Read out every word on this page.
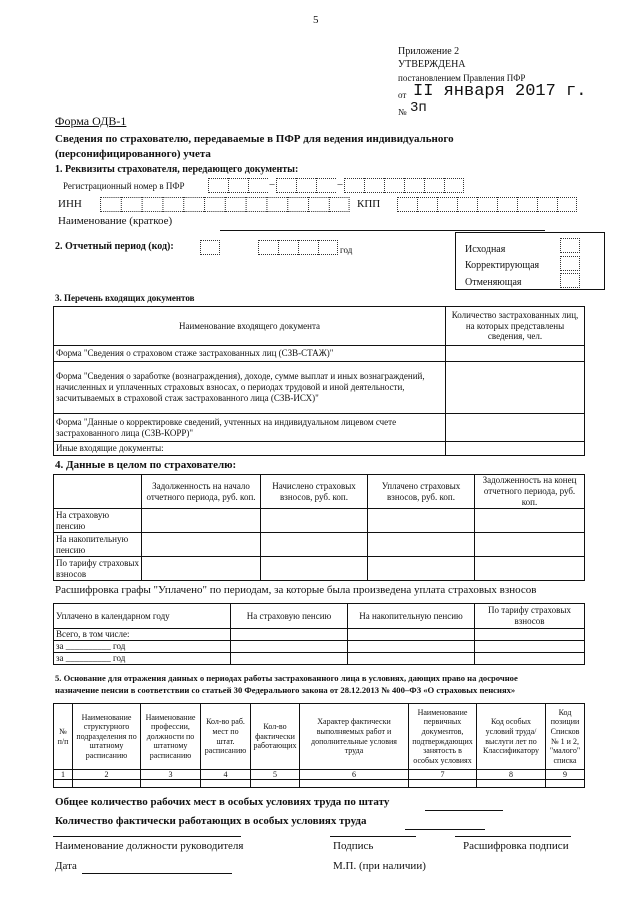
5
Приложение 2
УТВЕРЖДЕНА
постановлением Правления ПФР
от II января 2017 г.
№ 3п
Форма ОДВ-1
Сведения по страхователю, передаваемые в ПФР для ведения индивидуального
(персонифицированного) учета
1. Реквизиты страхователя, передающего документы:
Регистрационный номер в ПФР	–	–
ИНН	КПП
Наименование (краткое)
2. Отчетный период (код):	год	Исходная
Корректирующая
Отменяющая
3. Перечень входящих документов
Наименование входящего документа	Количество застрахованных лиц, на которых представлены сведения, чел.
Форма "Сведения о страховом стаже застрахованных лиц (СЗВ-СТАЖ)"	
Форма "Сведения о заработке (вознаграждения), доходе, сумме выплат и иных вознаграждений, начисленных и уплаченных страховых взносах, о периодах трудовой и иной деятельности, засчитываемых в страховой стаж застрахованного лица (СЗВ-ИСХ)"	
Форма "Данные о корректировке сведений, учтенных на индивидуальном лицевом счете застрахованного лица (СЗВ-КОРР)"	
Иные входящие документы:	
4. Данные в целом по страхователю:
	Задолженность на начало отчетного периода, руб. коп.	Начислено страховых взносов, руб. коп.	Уплачено страховых взносов, руб. коп.	Задолженность на конец отчетного периода, руб. коп.
На страховую пенсию				
На накопительную пенсию				
По тарифу страховых взносов				
Расшифровка графы "Уплачено" по периодам, за которые была произведена уплата страховых взносов
Уплачено в календарном году	На страховую пенсию	На накопительную пенсию	По тарифу страховых взносов
Всего, в том числе:			
за __________ год			
за __________ год			
5. Основание для отражения данных о периодах работы застрахованного лица в условиях, дающих право на досрочное
назначение пенсии в соответствии со статьей 30 Федерального закона от 28.12.2013 № 400–ФЗ «О страховых пенсиях»
№ п/п	Наименование структурного подразделения по штатному расписанию	Наименование профессии, должности по штатному расписанию	Кол-во раб. мест по штат. расписанию	Кол-во фактически работающих	Характер фактически выполняемых работ и дополнительные условия труда	Наименование первичных документов, подтверждающих занятость в особых условиях	Код особых условий труда/выслуги лет по Классификатору	Код позиции Списков № 1 и 2, "малого" списка
1	2	3	4	5	6	7	8	9

Общее количество рабочих мест в особых условиях труда по штату
Количество фактически работающих в особых условиях труда
Наименование должности руководителя	Подпись	Расшифровка подписи
Дата	М.П. (при наличии)
